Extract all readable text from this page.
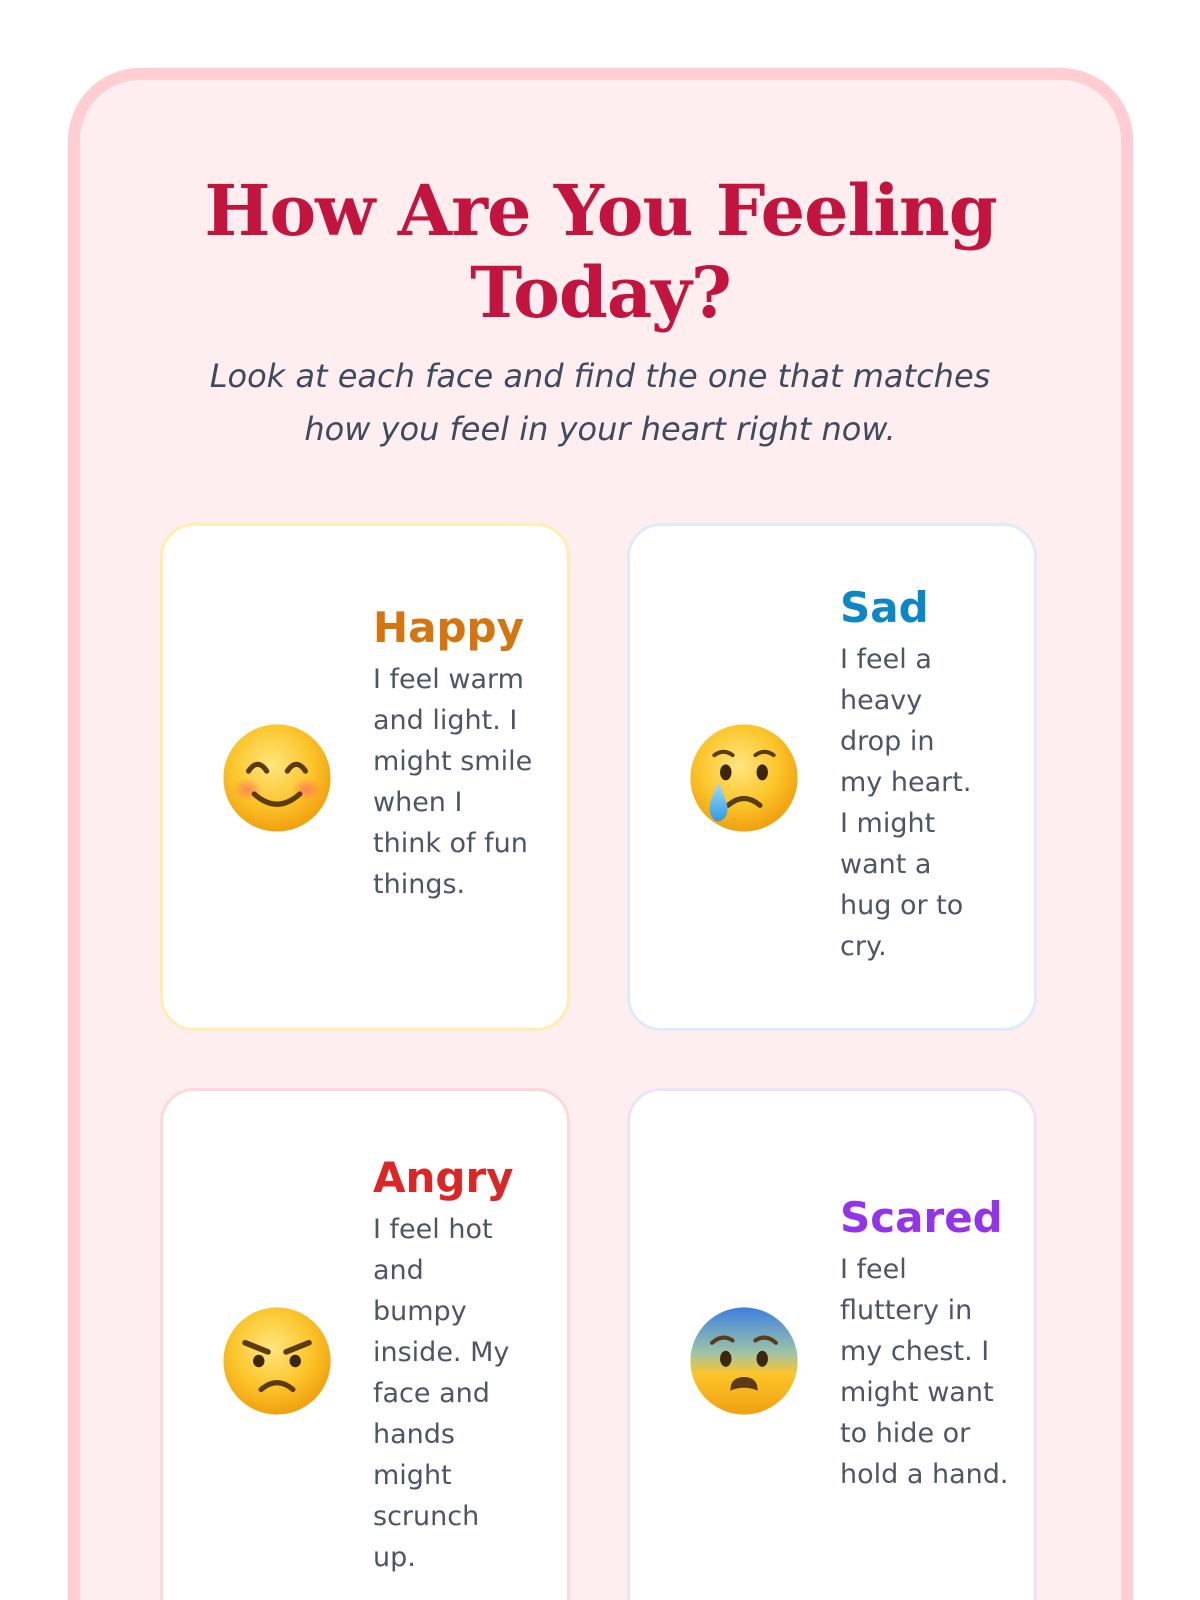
How Are You Feeling
Today?

Look at each face and find the one that matches
how you feel in your heart right now.

Happy

I feel warm and light. I might smile when I think of fun things.

Sad

I feel a heavy drop in my heart. I might want a hug or to cry.

Angry

I feel hot and bumpy inside. My face and hands might scrunch up.

Scared

I feel fluttery in my chest. I might want to hide or hold a hand.
